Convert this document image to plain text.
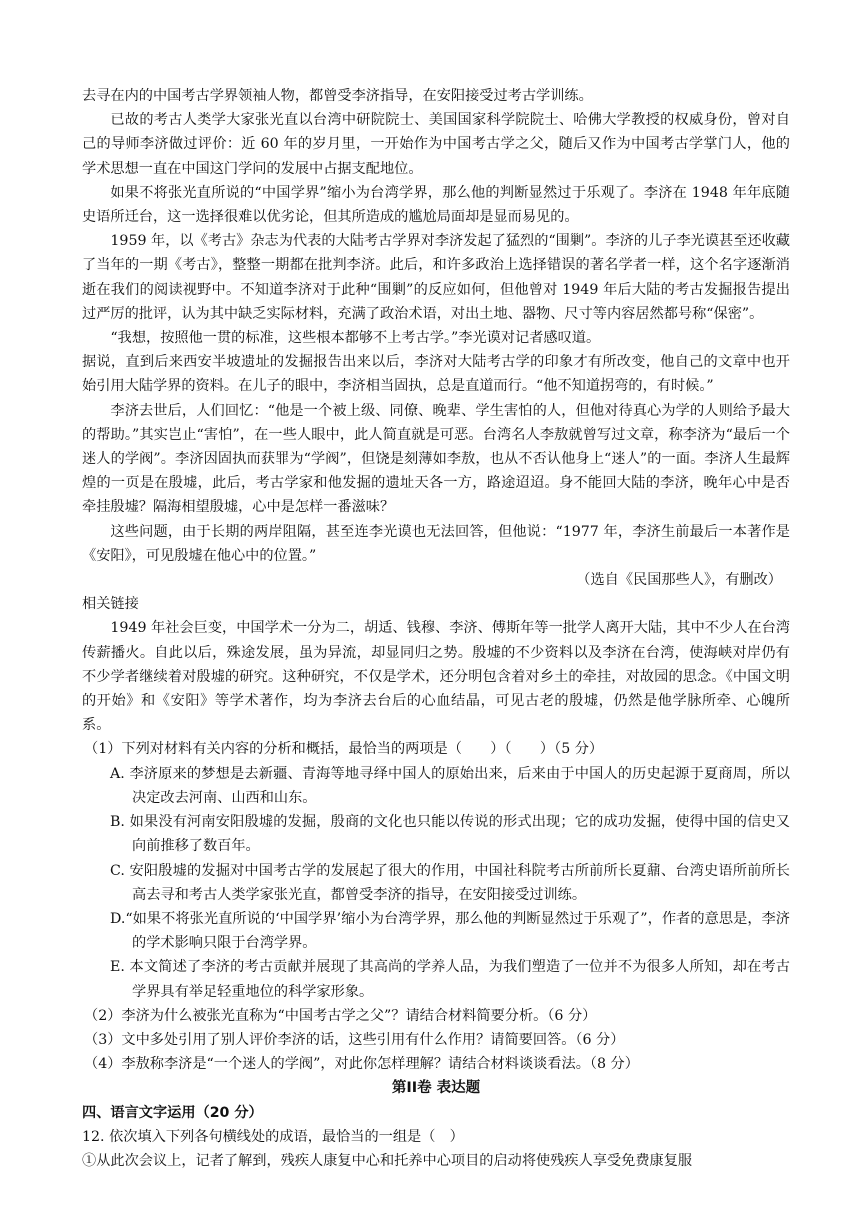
去寻在内的中国考古学界领袖人物，都曾受李济指导，在安阳接受过考古学训练。

已故的考古人类学大家张光直以台湾中研院院士、美国国家科学院院士、哈佛大学教授的权威身份，曾对自己的导师李济做过评价：近 60 年的岁月里，一开始作为中国考古学之父，随后又作为中国考古学掌门人，他的学术思想一直在中国这门学问的发展中占据支配地位。

如果不将张光直所说的“中国学界”缩小为台湾学界，那么他的判断显然过于乐观了。李济在 1948 年年底随史语所迁台，这一选择很难以优劣论，但其所造成的尴尬局面却是显而易见的。

1959 年，以《考古》杂志为代表的大陆考古学界对李济发起了猛烈的“围剿”。李济的儿子李光谟甚至还收藏了当年的一期《考古》，整整一期都在批判李济。此后，和许多政治上选择错误的著名学者一样，这个名字逐渐消逝在我们的阅读视野中。不知道李济对于此种“围剿”的反应如何，但他曾对 1949 年后大陆的考古发掘报告提出过严厉的批评，认为其中缺乏实际材料，充满了政治术语，对出土地、器物、尺寸等内容居然都号称“保密”。

“我想，按照他一贯的标准，这些根本都够不上考古学。”李光谟对记者感叹道。

据说，直到后来西安半坡遗址的发掘报告出来以后，李济对大陆考古学的印象才有所改变，他自己的文章中也开始引用大陆学界的资料。在儿子的眼中，李济相当固执，总是直道而行。“他不知道拐弯的，有时候。”

李济去世后，人们回忆：“他是一个被上级、同僚、晚辈、学生害怕的人，但他对待真心为学的人则给予最大的帮助。”其实岂止“害怕”，在一些人眼中，此人简直就是可恶。台湾名人李敖就曾写过文章，称李济为“最后一个迷人的学阀”。李济因固执而获罪为“学阀”，但饶是刻薄如李敖，也从不否认他身上“迷人”的一面。李济人生最辉煌的一页是在殷墟，此后，考古学家和他发掘的遗址天各一方，路途迢迢。身不能回大陆的李济，晚年心中是否牵挂殷墟？隔海相望殷墟，心中是怎样一番滋味？

这些问题，由于长期的两岸阻隔，甚至连李光谟也无法回答，但他说：“1977 年，李济生前最后一本著作是《安阳》，可见殷墟在他心中的位置。”

（选自《民国那些人》，有删改）

相关链接

1949 年社会巨变，中国学术一分为二，胡适、钱穆、李济、傅斯年等一批学人离开大陆，其中不少人在台湾传薪播火。自此以后，殊途发展，虽为异流，却显同归之势。殷墟的不少资料以及李济在台湾，使海峡对岸仍有不少学者继续着对殷墟的研究。这种研究，不仅是学术，还分明包含着对乡土的牵挂，对故园的思念。《中国文明的开始》和《安阳》等学术著作，均为李济去台后的心血结晶，可见古老的殷墟，仍然是他学脉所牵、心魄所系。

（1）下列对材料有关内容的分析和概括，最恰当的两项是（　　）（　　）（5 分）

A. 李济原来的梦想是去新疆、青海等地寻绎中国人的原始出来，后来由于中国人的历史起源于夏商周，所以决定改去河南、山西和山东。

B. 如果没有河南安阳殷墟的发掘，殷商的文化也只能以传说的形式出现；它的成功发掘，使得中国的信史又向前推移了数百年。

C. 安阳殷墟的发掘对中国考古学的发展起了很大的作用，中国社科院考古所前所长夏鼐、台湾史语所前所长高去寻和考古人类学家张光直，都曾受李济的指导，在安阳接受过训练。

D.“如果不将张光直所说的‘中国学界’缩小为台湾学界，那么他的判断显然过于乐观了”，作者的意思是，李济的学术影响只限于台湾学界。

E. 本文简述了李济的考古贡献并展现了其高尚的学养人品，为我们塑造了一位并不为很多人所知，却在考古学界具有举足轻重地位的科学家形象。

（2）李济为什么被张光直称为“中国考古学之父”？请结合材料简要分析。（6 分）

（3）文中多处引用了别人评价李济的话，这些引用有什么作用？请简要回答。（6 分）

（4）李敖称李济是“一个迷人的学阀”，对此你怎样理解？请结合材料谈谈看法。（8 分）

第II卷 表达题

四、语言文字运用（20 分）

12. 依次填入下列各句横线处的成语，最恰当的一组是（　）

①从此次会议上，记者了解到，残疾人康复中心和托养中心项目的启动将使残疾人享受免费康复服
